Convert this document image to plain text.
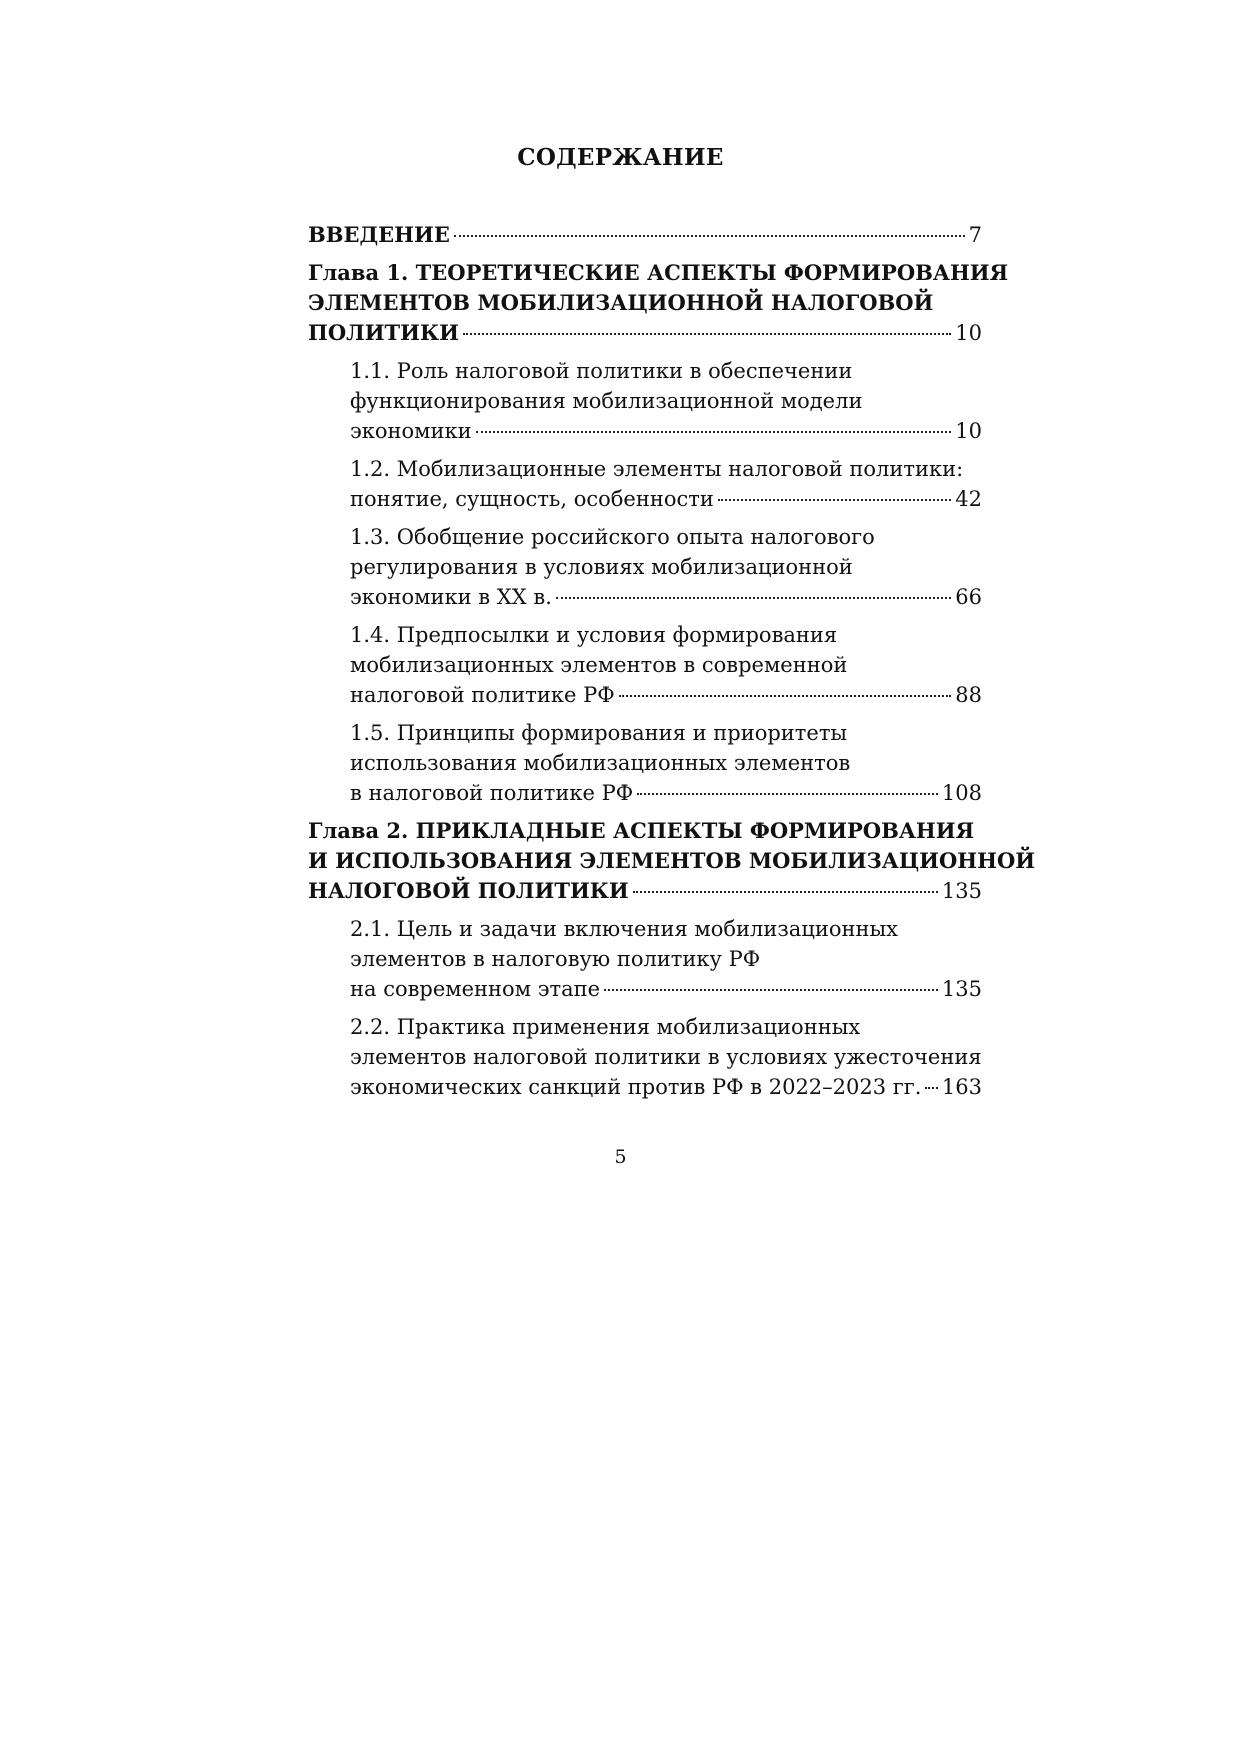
СОДЕРЖАНИЕ
ВВЕДЕНИЕ	7
Глава 1. ТЕОРЕТИЧЕСКИЕ АСПЕКТЫ ФОРМИРОВАНИЯ
ЭЛЕМЕНТОВ МОБИЛИЗАЦИОННОЙ НАЛОГОВОЙ
ПОЛИТИКИ	10
1.1. Роль налоговой политики в обеспечении
функционирования мобилизационной модели
экономики	10
1.2. Мобилизационные элементы налоговой политики:
понятие, сущность, особенности	42
1.3. Обобщение российского опыта налогового
регулирования в условиях мобилизационной
экономики в ХХ в.	66
1.4. Предпосылки и условия формирования
мобилизационных элементов в современной
налоговой политике РФ	88
1.5. Принципы формирования и приоритеты
использования мобилизационных элементов
в налоговой политике РФ	108
Глава 2. ПРИКЛАДНЫЕ АСПЕКТЫ ФОРМИРОВАНИЯ
И ИСПОЛЬЗОВАНИЯ ЭЛЕМЕНТОВ МОБИЛИЗАЦИОННОЙ
НАЛОГОВОЙ ПОЛИТИКИ	135
2.1. Цель и задачи включения мобилизационных
элементов в налоговую политику РФ
на современном этапе	135
2.2. Практика применения мобилизационных
элементов налоговой политики в условиях ужесточения
экономических санкций против РФ в 2022–2023 гг. 163
5
